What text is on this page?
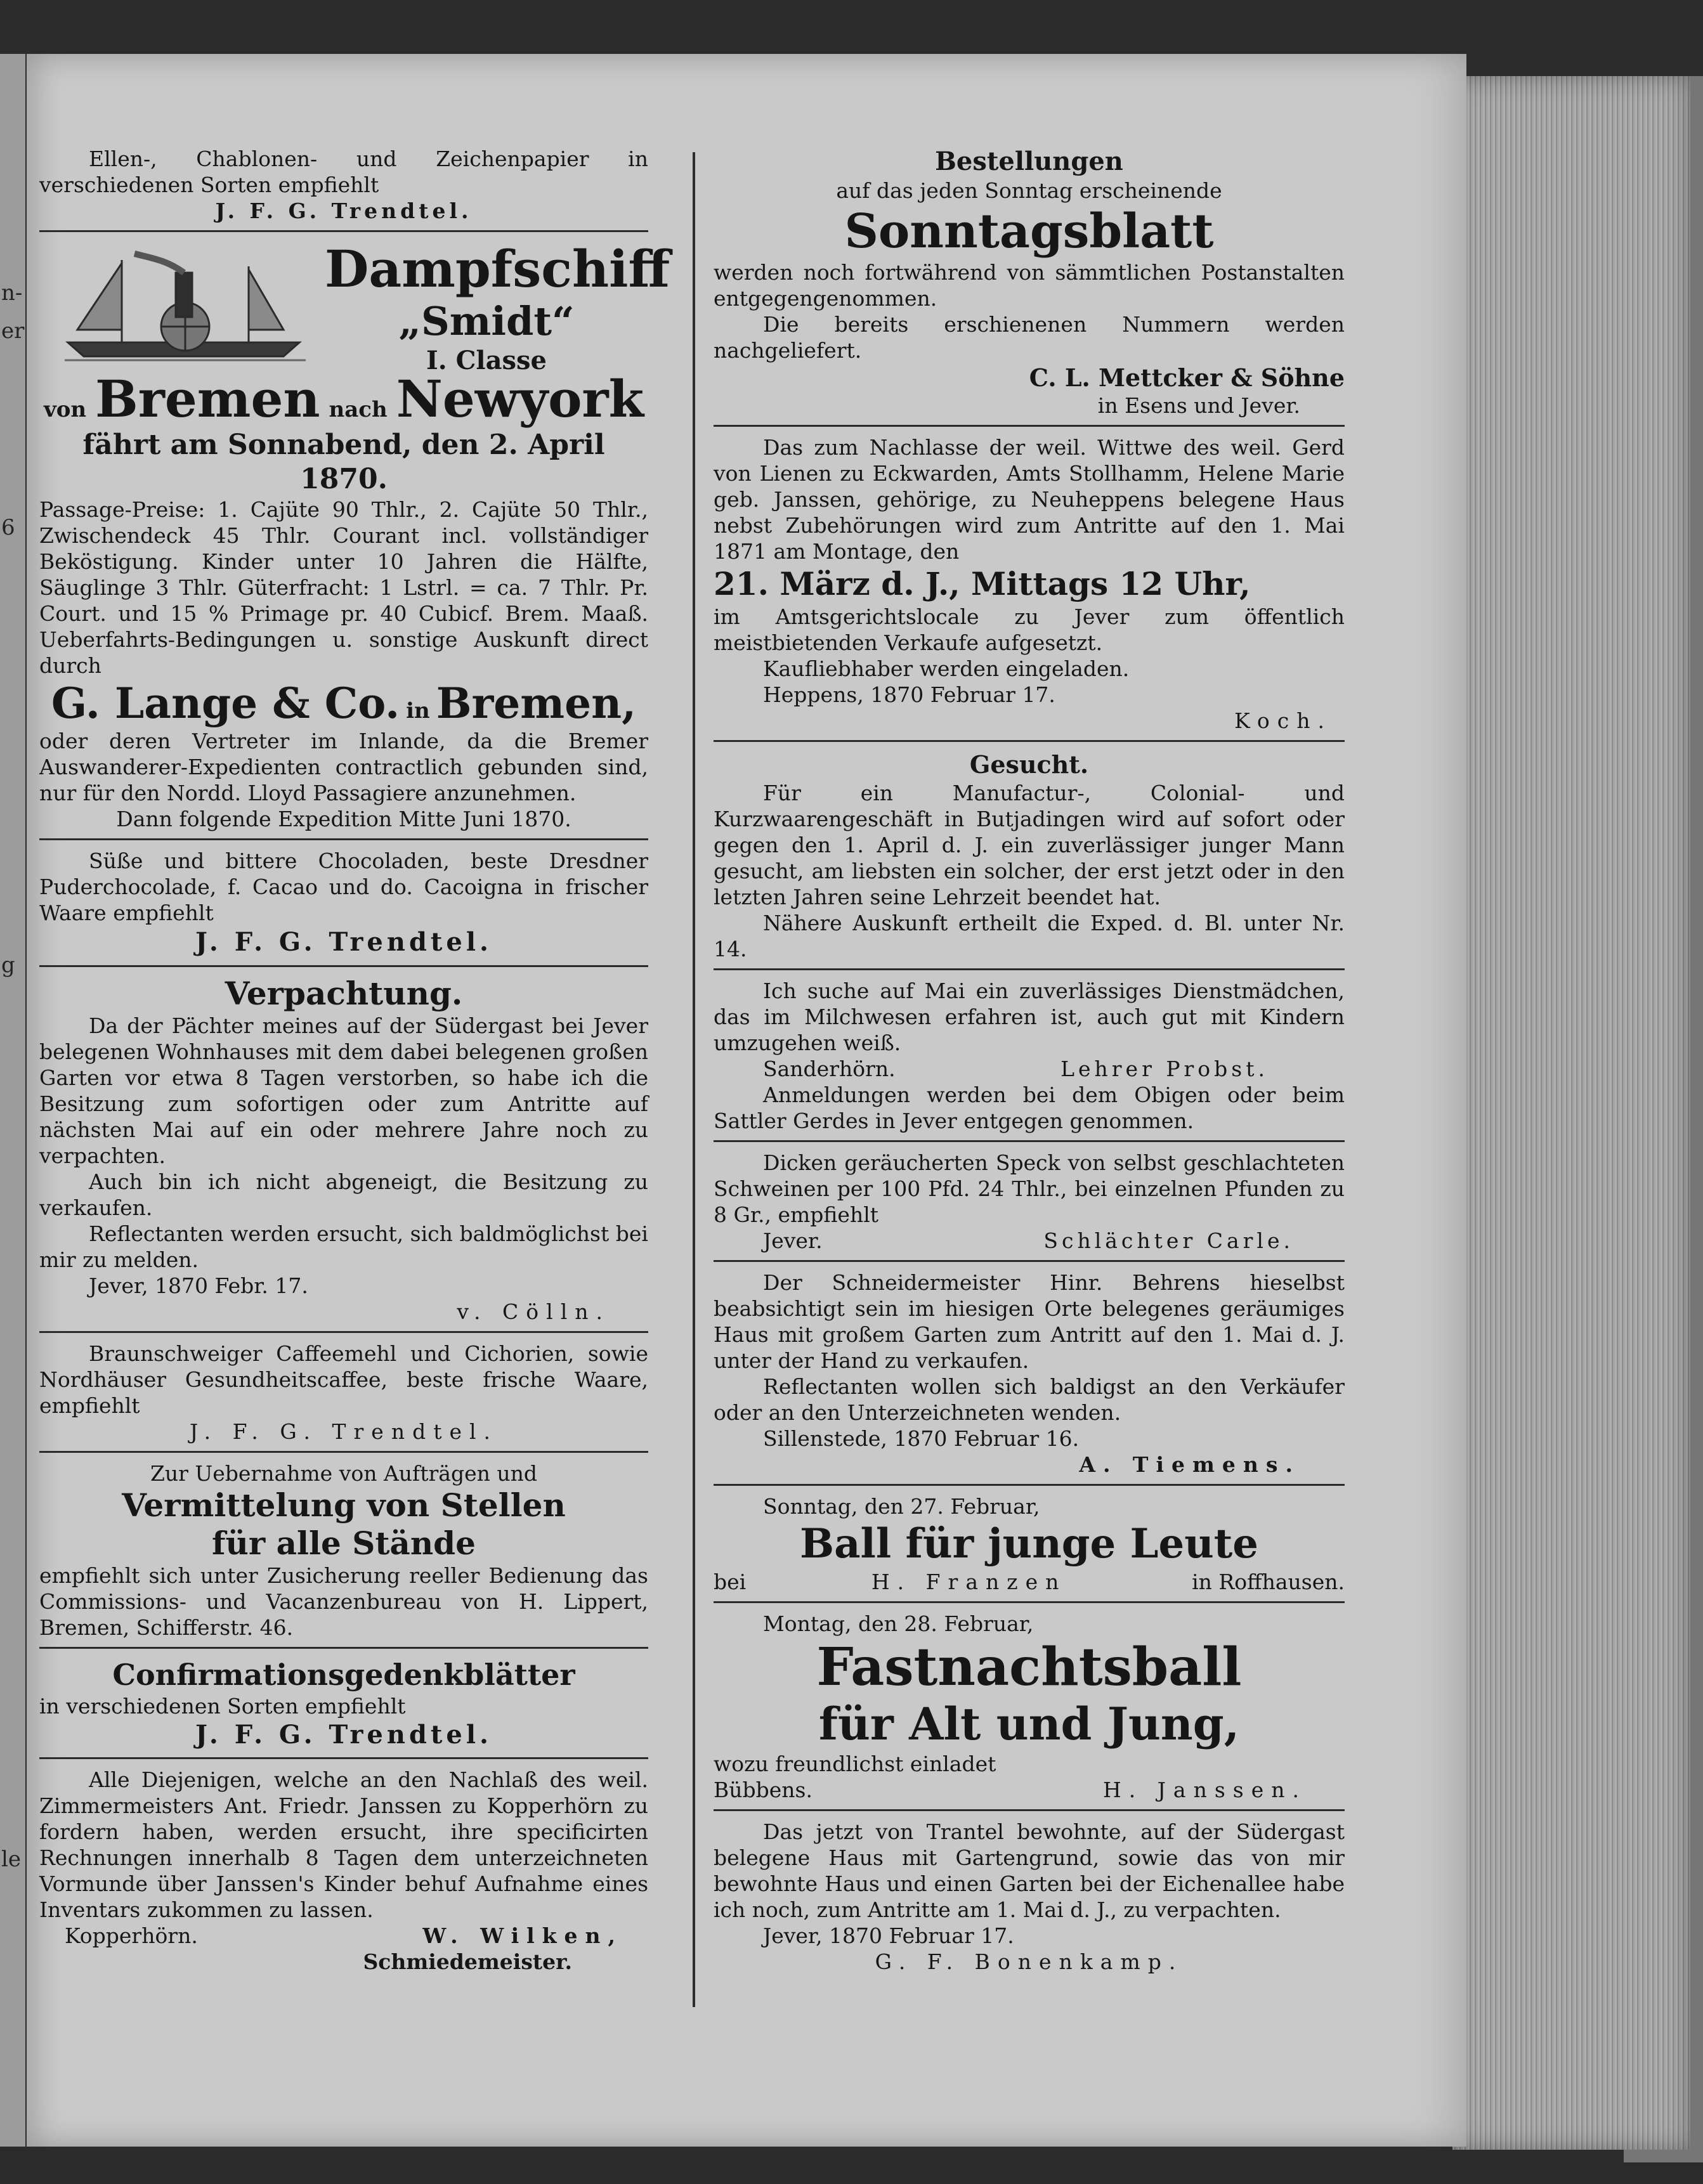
n-
er
6
g
le

Ellen-, Chablonen- und Zeichenpapier in verschiedenen Sorten empfiehlt

J. F. G. Trendtel.

Dampfschiff

„Smidt“

I. Classe

von Bremen nach Newyork

fährt am Sonnabend, den 2. April 1870.

Passage-Preise: 1. Cajüte 90 Thlr., 2. Cajüte 50 Thlr., Zwischendeck 45 Thlr. Courant incl. vollständiger Beköstigung. Kinder unter 10 Jahren die Hälfte, Säuglinge 3 Thlr. Güterfracht: 1 Lstrl. = ca. 7 Thlr. Pr. Court. und 15 % Primage pr. 40 Cubicf. Brem. Maaß. Ueberfahrts-Bedingungen u. sonstige Auskunft direct durch

G. Lange & Co. in Bremen,

oder deren Vertreter im Inlande, da die Bremer Auswanderer-Expedienten contractlich gebunden sind, nur für den Nordd. Lloyd Passagiere anzunehmen.

Dann folgende Expedition Mitte Juni 1870.

Süße und bittere Chocoladen, beste Dresdner Puderchocolade, f. Cacao und do. Cacoigna in frischer Waare empfiehlt

J. F. G. Trendtel.

Verpachtung.

Da der Pächter meines auf der Südergast bei Jever belegenen Wohnhauses mit dem dabei belegenen großen Garten vor etwa 8 Tagen verstorben, so habe ich die Besitzung zum sofortigen oder zum Antritte auf nächsten Mai auf ein oder mehrere Jahre noch zu verpachten.

Auch bin ich nicht abgeneigt, die Besitzung zu verkaufen.

Reflectanten werden ersucht, sich baldmöglichst bei mir zu melden.

Jever, 1870 Febr. 17.

v. Cölln.

Braunschweiger Caffeemehl und Cichorien, sowie Nordhäuser Gesundheitscaffee, beste frische Waare, empfiehlt

J. F. G. Trendtel.

Zur Uebernahme von Aufträgen und

Vermittelung von Stellen

für alle Stände

empfiehlt sich unter Zusicherung reeller Bedienung das Commissions- und Vacanzenbureau von H. Lippert, Bremen, Schifferstr. 46.

Confirmationsgedenkblätter

in verschiedenen Sorten empfiehlt

J. F. G. Trendtel.

Alle Diejenigen, welche an den Nachlaß des weil. Zimmermeisters Ant. Friedr. Janssen zu Kopperhörn zu fordern haben, werden ersucht, ihre specificirten Rechnungen innerhalb 8 Tagen dem unterzeichneten Vormunde über Janssen's Kinder behuf Aufnahme eines Inventars zukommen zu lassen.

Kopperhörn.	W. Wilken,

Schmiedemeister.

Bestellungen

auf das jeden Sonntag erscheinende

Sonntagsblatt

werden noch fortwährend von sämmtlichen Postanstalten entgegengenommen.

Die bereits erschienenen Nummern werden nachgeliefert.

C. L. Mettcker & Söhne

in Esens und Jever.

Das zum Nachlasse der weil. Wittwe des weil. Gerd von Lienen zu Eckwarden, Amts Stollhamm, Helene Marie geb. Janssen, gehörige, zu Neuheppens belegene Haus nebst Zubehörungen wird zum Antritte auf den 1. Mai 1871 am Montage, den

21. März d. J., Mittags 12 Uhr,

im Amtsgerichtslocale zu Jever zum öffentlich meistbietenden Verkaufe aufgesetzt.

Kaufliebhaber werden eingeladen.

Heppens, 1870 Februar 17.

Koch.

Gesucht.

Für ein Manufactur-, Colonial- und Kurzwaarengeschäft in Butjadingen wird auf sofort oder gegen den 1. April d. J. ein zuverlässiger junger Mann gesucht, am liebsten ein solcher, der erst jetzt oder in den letzten Jahren seine Lehrzeit beendet hat.

Nähere Auskunft ertheilt die Exped. d. Bl. unter Nr. 14.

Ich suche auf Mai ein zuverlässiges Dienstmädchen, das im Milchwesen erfahren ist, auch gut mit Kindern umzugehen weiß.

Sanderhörn.	Lehrer Probst.

Anmeldungen werden bei dem Obigen oder beim Sattler Gerdes in Jever entgegen genommen.

Dicken geräucherten Speck von selbst geschlachteten Schweinen per 100 Pfd. 24 Thlr., bei einzelnen Pfunden zu 8 Gr., empfiehlt

Jever.	Schlächter Carle.

Der Schneidermeister Hinr. Behrens hieselbst beabsichtigt sein im hiesigen Orte belegenes geräumiges Haus mit großem Garten zum Antritt auf den 1. Mai d. J. unter der Hand zu verkaufen.

Reflectanten wollen sich baldigst an den Verkäufer oder an den Unterzeichneten wenden.

Sillenstede, 1870 Februar 16.

A. Tiemens.

Sonntag, den 27. Februar,

Ball für junge Leute

bei	H. Franzen	in Roffhausen.

Montag, den 28. Februar,

Fastnachtsball

für Alt und Jung,

wozu freundlichst einladet

Bübbens.	H. Janssen.

Das jetzt von Trantel bewohnte, auf der Südergast belegene Haus mit Gartengrund, sowie das von mir bewohnte Haus und einen Garten bei der Eichenallee habe ich noch, zum Antritte am 1. Mai d. J., zu verpachten.

Jever, 1870 Februar 17.

G. F. Bonenkamp.
